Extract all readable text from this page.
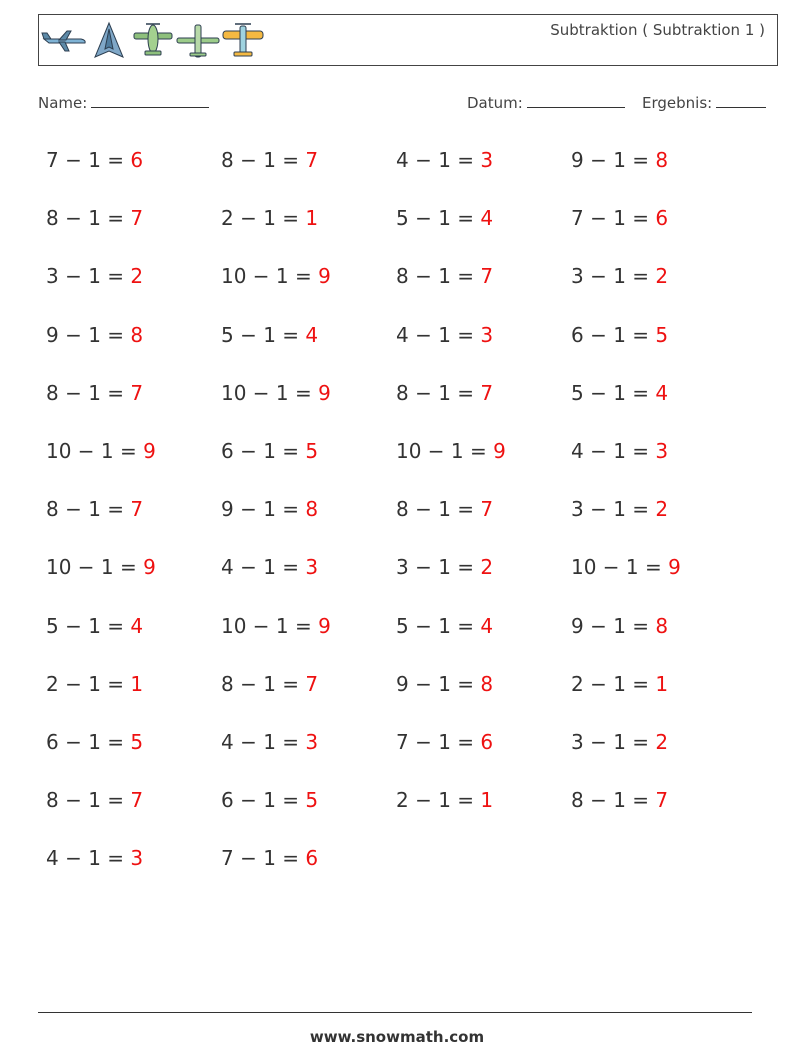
Subtraktion ( Subtraktion 1 )
Name:	Datum:	Ergebnis:
7 − 1 = 6	8 − 1 = 7	4 − 1 = 3	9 − 1 = 8
8 − 1 = 7	2 − 1 = 1	5 − 1 = 4	7 − 1 = 6
3 − 1 = 2	10 − 1 = 9	8 − 1 = 7	3 − 1 = 2
9 − 1 = 8	5 − 1 = 4	4 − 1 = 3	6 − 1 = 5
8 − 1 = 7	10 − 1 = 9	8 − 1 = 7	5 − 1 = 4
10 − 1 = 9	6 − 1 = 5	10 − 1 = 9	4 − 1 = 3
8 − 1 = 7	9 − 1 = 8	8 − 1 = 7	3 − 1 = 2
10 − 1 = 9	4 − 1 = 3	3 − 1 = 2	10 − 1 = 9
5 − 1 = 4	10 − 1 = 9	5 − 1 = 4	9 − 1 = 8
2 − 1 = 1	8 − 1 = 7	9 − 1 = 8	2 − 1 = 1
6 − 1 = 5	4 − 1 = 3	7 − 1 = 6	3 − 1 = 2
8 − 1 = 7	6 − 1 = 5	2 − 1 = 1	8 − 1 = 7
4 − 1 = 3	7 − 1 = 6
www.snowmath.com
